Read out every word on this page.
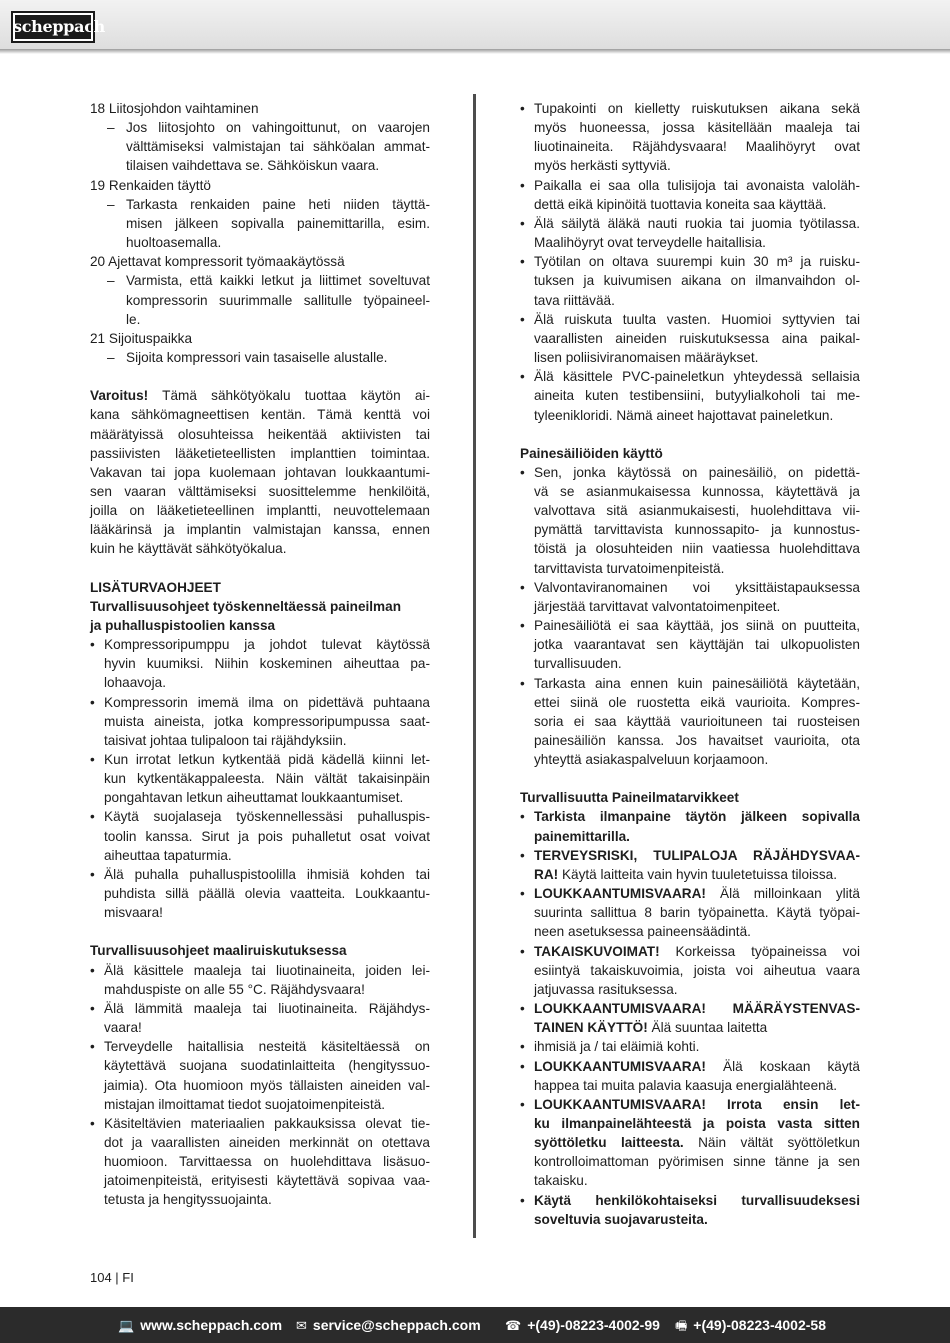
scheppach
18 Liitosjohdon vaihtaminen
– Jos liitosjohto on vahingoittunut, on vaarojen
välttämiseksi valmistajan tai sähköalan ammat-
tilaisen vaihdettava se. Sähköiskun vaara.
19 Renkaiden täyttö
– Tarkasta renkaiden paine heti niiden täyttä-
misen jälkeen sopivalla painemittarilla, esim.
huoltoasemalla.
20 Ajettavat kompressorit työmaakäytössä
– Varmista, että kaikki letkut ja liittimet soveltuvat
kompressorin suurimmalle sallitulle työpaineel-
le.
21 Sijoituspaikka
– Sijoita kompressori vain tasaiselle alustalle.
Varoitus! Tämä sähkötyökalu tuottaa käytön ai-
kana sähkömagneettisen kentän. Tämä kenttä voi
määrätyissä olosuhteissa heikentää aktiivisten tai
passiivisten lääketieteellisten implanttien toimintaa.
Vakavan tai jopa kuolemaan johtavan loukkaantumi-
sen vaaran välttämiseksi suosittelemme henkilöitä,
joilla on lääketieteellinen implantti, neuvottelemaan
lääkärinsä ja implantin valmistajan kanssa, ennen
kuin he käyttävät sähkötyökalua.
LISÄTURVAOHJEET
Turvallisuusohjeet työskenneltäessä paineilman
ja puhalluspistoolien kanssa
• Kompressoripumppu ja johdot tulevat käytössä
hyvin kuumiksi. Niihin koskeminen aiheuttaa pa-
lohaavoja.
• Kompressorin imemä ilma on pidettävä puhtaana
muista aineista, jotka kompressoripumpussa saat-
taisivat johtaa tulipaloon tai räjähdyksiin.
• Kun irrotat letkun kytkentää pidä kädellä kiinni let-
kun kytkentäkappaleesta. Näin vältät takaisinpäin
pongahtavan letkun aiheuttamat loukkaantumiset.
• Käytä suojalaseja työskennellessäsi puhalluspis-
toolin kanssa. Sirut ja pois puhalletut osat voivat
aiheuttaa tapaturmia.
• Älä puhalla puhalluspistoolilla ihmisiä kohden tai
puhdista sillä päällä olevia vaatteita. Loukkaantu-
misvaara!
Turvallisuusohjeet maaliruiskutuksessa
• Älä käsittele maaleja tai liuotinaineita, joiden lei-
mahduspiste on alle 55 °C. Räjähdysvaara!
• Älä lämmitä maaleja tai liuotinaineita. Räjähdys-
vaara!
• Terveydelle haitallisia nesteitä käsiteltäessä on
käytettävä suojana suodatinlaitteita (hengityssuo-
jaimia). Ota huomioon myös tällaisten aineiden val-
mistajan ilmoittamat tiedot suojatoimenpiteistä.
• Käsiteltävien materiaalien pakkauksissa olevat tie-
dot ja vaarallisten aineiden merkinnät on otettava
huomioon. Tarvittaessa on huolehdittava lisäsuo-
jatoimenpiteistä, erityisesti käytettävä sopivaa vaa-
tetusta ja hengityssuojainta.
• Tupakointi on kielletty ruiskutuksen aikana sekä
myös huoneessa, jossa käsitellään maaleja tai
liuotinaineita. Räjähdysvaara! Maalihöyryt ovat
myös herkästi syttyviä.
• Paikalla ei saa olla tulisijoja tai avonaista valoläh-
dettä eikä kipinöitä tuottavia koneita saa käyttää.
• Älä säilytä äläkä nauti ruokia tai juomia työtilassa.
Maalihöyryt ovat terveydelle haitallisia.
• Työtilan on oltava suurempi kuin 30 m³ ja ruisku-
tuksen ja kuivumisen aikana on ilmanvaihdon ol-
tava riittävää.
• Älä ruiskuta tuulta vasten. Huomioi syttyvien tai
vaarallisten aineiden ruiskutuksessa aina paikal-
lisen poliisiviranomaisen määräykset.
• Älä käsittele PVC-paineletkun yhteydessä sellaisia
aineita kuten testibensiini, butyylialkoholi tai me-
tyleenikloridi. Nämä aineet hajottavat paineletkun.
Painesäiliöiden käyttö
• Sen, jonka käytössä on painesäiliö, on pidettä-
vä se asianmukaisessa kunnossa, käytettävä ja
valvottava sitä asianmukaisesti, huolehdittava vii-
pymättä tarvittavista kunnossapito- ja kunnostus-
töistä ja olosuhteiden niin vaatiessa huolehdittava
tarvittavista turvatoimenpiteistä.
• Valvontaviranomainen voi yksittäistapauksessa
järjestää tarvittavat valvontatoimenpiteet.
• Painesäiliötä ei saa käyttää, jos siinä on puutteita,
jotka vaarantavat sen käyttäjän tai ulkopuolisten
turvallisuuden.
• Tarkasta aina ennen kuin painesäiliötä käytetään,
ettei siinä ole ruostetta eikä vaurioita. Kompres-
soria ei saa käyttää vaurioituneen tai ruosteisen
painesäiliön kanssa. Jos havaitset vaurioita, ota
yhteyttä asiakaspalveluun korjaamoon.
Turvallisuutta Paineilmatarvikkeet
• Tarkista ilmanpaine täytön jälkeen sopivalla
painemittarilla.
• TERVEYSRISKI, TULIPALOJA RÄJÄHDYSVAA-
RA! Käytä laitteita vain hyvin tuuletetuissa tiloissa.
• LOUKKAANTUMISVAARA! Älä milloinkaan ylitä
suurinta sallittua 8 barin työpainetta. Käytä työpai-
neen asetuksessa paineensäädintä.
• TAKAISKUVOIMAT! Korkeissa työpaineissa voi
esiintyä takaiskuvoimia, joista voi aiheutua vaara
jatjuvassa rasituksessa.
• LOUKKAANTUMISVAARA! MÄÄRÄYSTENVAS-
TAINEN KÄYTTÖ! Älä suuntaa laitetta
• ihmisiä ja / tai eläimiä kohti.
• LOUKKAANTUMISVAARA! Älä koskaan käytä
happea tai muita palavia kaasuja energialähteenä.
• LOUKKAANTUMISVAARA! Irrota ensin let-
ku ilmanpainelähteestä ja poista vasta sitten
syöttöletku laitteesta. Näin vältät syöttöletkun
kontrolloimattoman pyörimisen sinne tänne ja sen
takaisku.
• Käytä henkilökohtaiseksi turvallisuudeksesi
soveltuvia suojavarusteita.
104 | FI
💻 www.scheppach.com ✉ service@scheppach.com ☎ +(49)-08223-4002-99 🖷 +(49)-08223-4002-58
